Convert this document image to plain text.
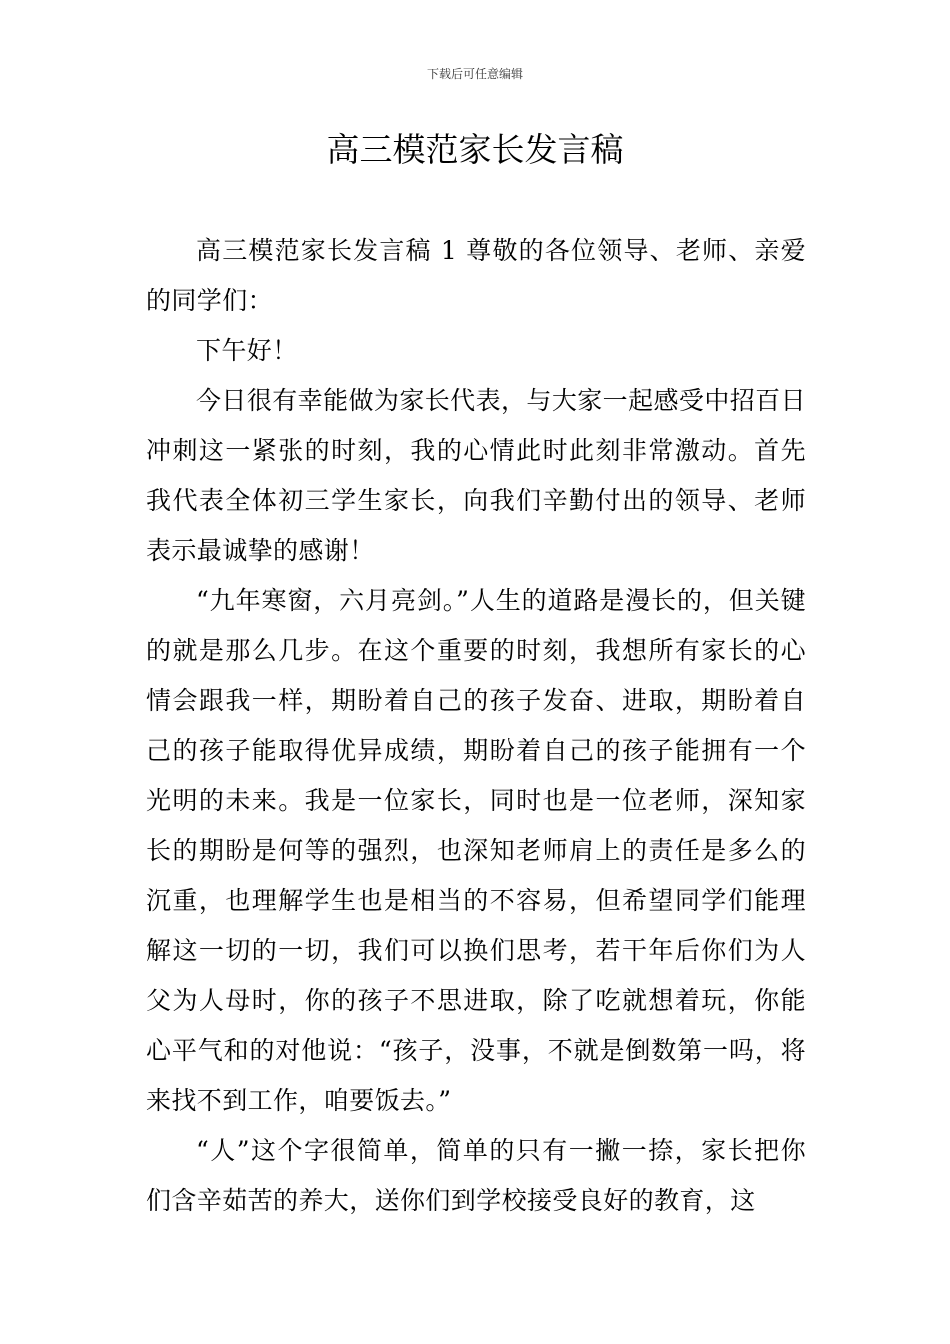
下载后可任意编辑
高三模范家长发言稿

高三模范家长发言稿 1 尊敬的各位领导、老师、亲爱的同学们：

下午好！

今日很有幸能做为家长代表，与大家一起感受中招百日冲刺这一紧张的时刻，我的心情此时此刻非常激动。首先我代表全体初三学生家长，向我们辛勤付出的领导、老师表示最诚挚的感谢！

“九年寒窗，六月亮剑。”人生的道路是漫长的，但关键的就是那么几步。在这个重要的时刻，我想所有家长的心情会跟我一样，期盼着自己的孩子发奋、进取，期盼着自己的孩子能取得优异成绩，期盼着自己的孩子能拥有一个光明的未来。我是一位家长，同时也是一位老师，深知家长的期盼是何等的强烈，也深知老师肩上的责任是多么的沉重，也理解学生也是相当的不容易，但希望同学们能理解这一切的一切，我们可以换们思考，若干年后你们为人父为人母时，你的孩子不思进取，除了吃就想着玩，你能心平气和的对他说：“孩子，没事，不就是倒数第一吗，将来找不到工作，咱要饭去。”

“人”这个字很简单，简单的只有一撇一捺，家长把你们含辛茹苦的养大，送你们到学校接受良好的教育，这
